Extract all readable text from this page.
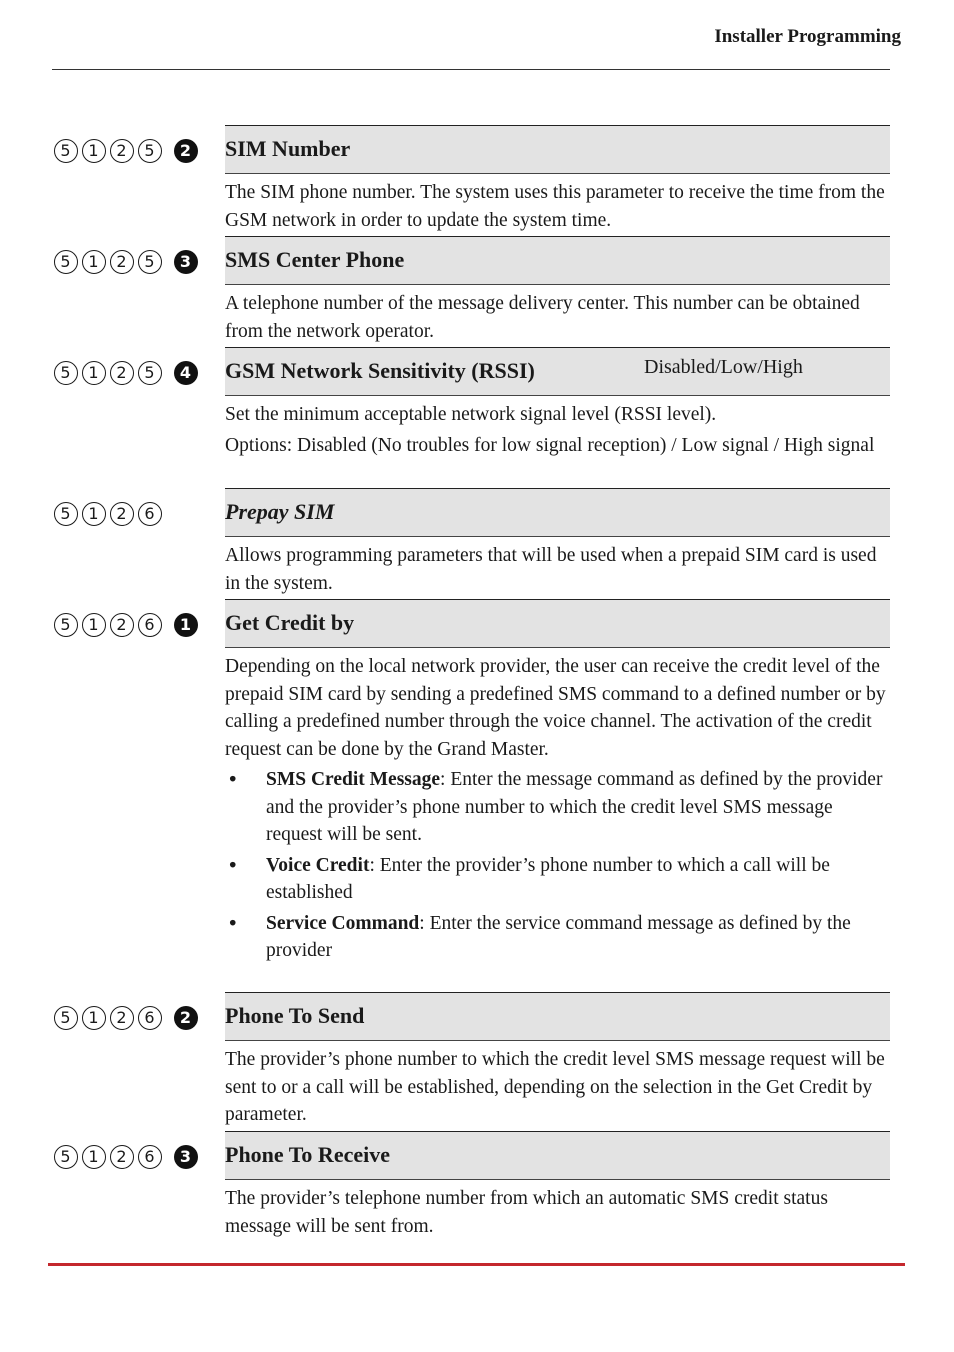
Installer Programming
5 1 2 5 2 SIM Number

The SIM phone number. The system uses this parameter to receive the time from the GSM network in order to update the system time.

5 1 2 5 3 SMS Center Phone

A telephone number of the message delivery center. This number can be obtained from the network operator.

5 1 2 5 4 GSM Network Sensitivity (RSSI)	Disabled/Low/High

Set the minimum acceptable network signal level (RSSI level).

Options: Disabled (No troubles for low signal reception) / Low signal / High signal

5 1 2 6	Prepay SIM

Allows programming parameters that will be used when a prepaid SIM card is used in the system.

5 1 2 6 1 Get Credit by

Depending on the local network provider, the user can receive the credit level of the prepaid SIM card by sending a predefined SMS command to a defined number or by calling a predefined number through the voice channel. The activation of the credit request can be done by the Grand Master.

• SMS Credit Message: Enter the message command as defined by the provider and the provider’s phone number to which the credit level SMS message request will be sent.
• Voice Credit: Enter the provider’s phone number to which a call will be established
• Service Command: Enter the service command message as defined by the provider
5 1 2 6 2 Phone To Send

The provider’s phone number to which the credit level SMS message request will be sent to or a call will be established, depending on the selection in the Get Credit by parameter.

5 1 2 6 3 Phone To Receive

The provider’s telephone number from which an automatic SMS credit status message will be sent from.
